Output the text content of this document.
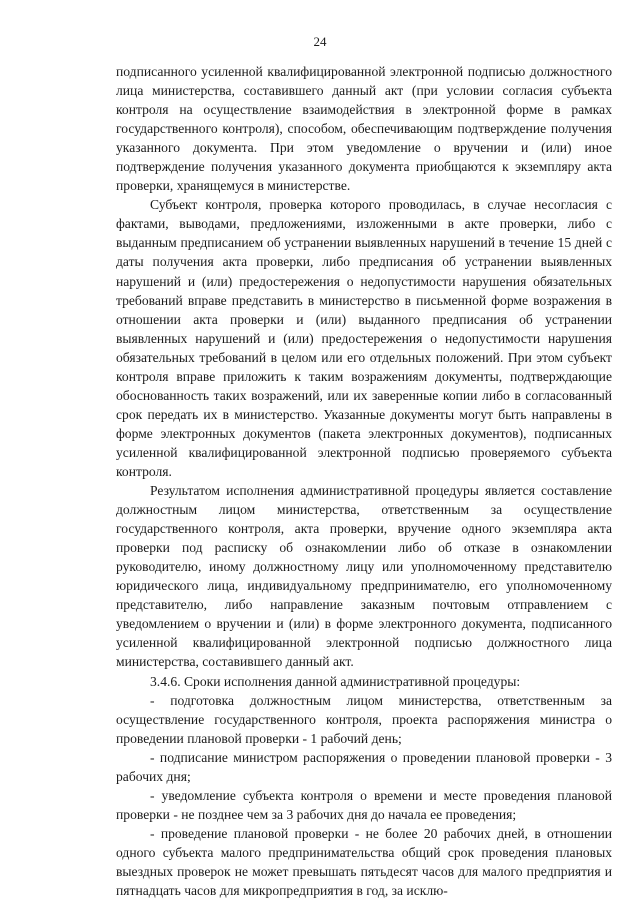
24

подписанного усиленной квалифицированной электронной подписью должностного лица министерства, составившего данный акт (при условии согласия субъекта контроля на осуществление взаимодействия в электронной форме в рамках государственного контроля), способом, обеспечивающим подтверждение получения указанного документа. При этом уведомление о вручении и (или) иное подтверждение получения указанного документа приобщаются к экземпляру акта проверки, хранящемуся в министерстве.

Субъект контроля, проверка которого проводилась, в случае несогласия с фактами, выводами, предложениями, изложенными в акте проверки, либо с выданным предписанием об устранении выявленных нарушений в течение 15 дней с даты получения акта проверки, либо предписания об устранении выявленных нарушений и (или) предостережения о недопустимости нарушения обязательных требований вправе представить в министерство в письменной форме возражения в отношении акта проверки и (или) выданного предписания об устранении выявленных нарушений и (или) предостережения о недопустимости нарушения обязательных требований в целом или его отдельных положений. При этом субъект контроля вправе приложить к таким возражениям документы, подтверждающие обоснованность таких возражений, или их заверенные копии либо в согласованный срок передать их в министерство. Указанные документы могут быть направлены в форме электронных документов (пакета электронных документов), подписанных усиленной квалифицированной электронной подписью проверяемого субъекта контроля.

Результатом исполнения административной процедуры является составление должностным лицом министерства, ответственным за осуществление государственного контроля, акта проверки, вручение одного экземпляра акта проверки под расписку об ознакомлении либо об отказе в ознакомлении руководителю, иному должностному лицу или уполномоченному представителю юридического лица, индивидуальному предпринимателю, его уполномоченному представителю, либо направление заказным почтовым отправлением с уведомлением о вручении и (или) в форме электронного документа, подписанного усиленной квалифицированной электронной подписью должностного лица министерства, составившего данный акт.

3.4.6. Сроки исполнения данной административной процедуры:

- подготовка должностным лицом министерства, ответственным за осуществление государственного контроля, проекта распоряжения министра о проведении плановой проверки - 1 рабочий день;

- подписание министром распоряжения о проведении плановой проверки - 3 рабочих дня;

- уведомление субъекта контроля о времени и месте проведения плановой проверки - не позднее чем за 3 рабочих дня до начала ее проведения;

- проведение плановой проверки - не более 20 рабочих дней, в отношении одного субъекта малого предпринимательства общий срок проведения плановых выездных проверок не может превышать пятьдесят часов для малого предприятия и пятнадцать часов для микропредприятия в год, за исклю-
